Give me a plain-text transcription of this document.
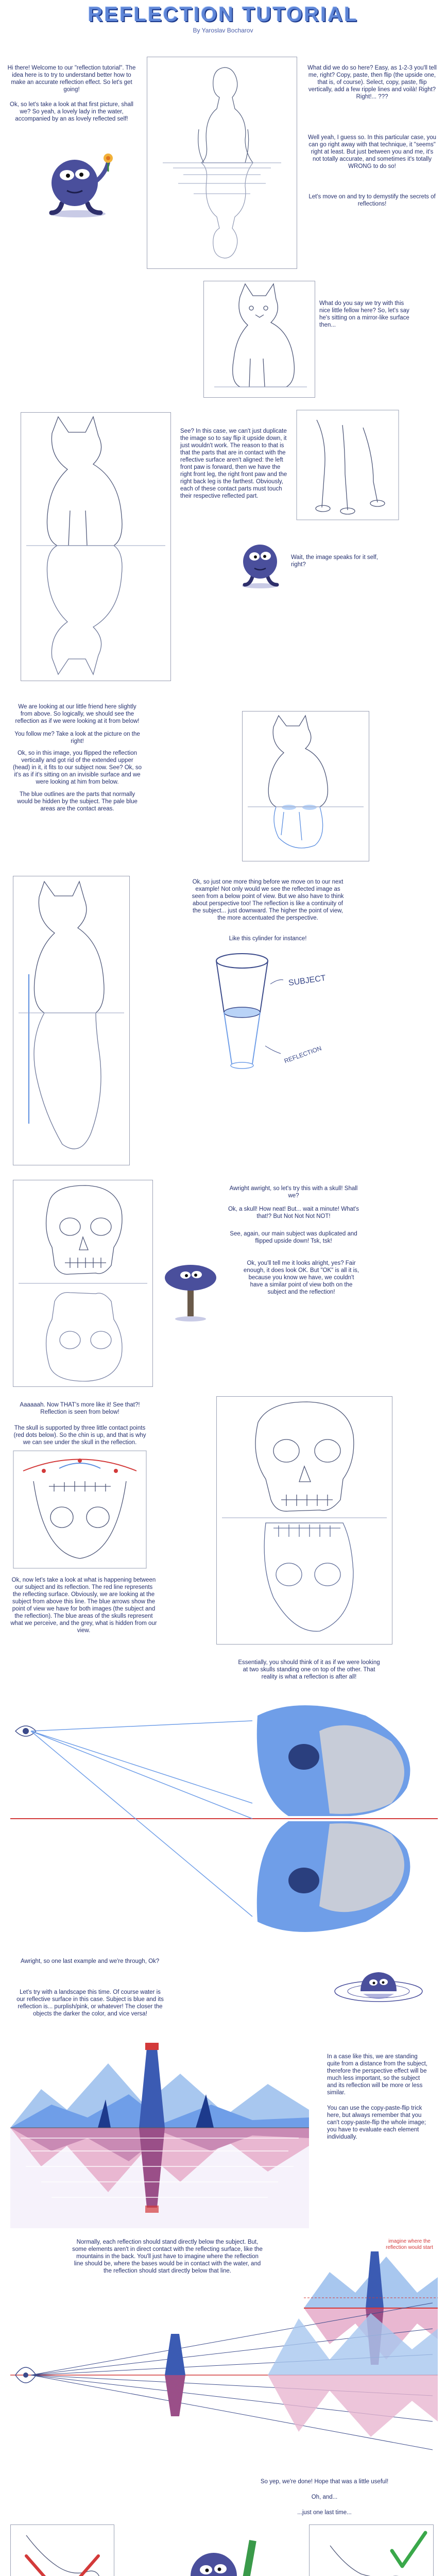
REFLECTION TUTORIAL
By Yaroslav Bocharov
Hi there! Welcome to our "reflection tutorial". The idea here is to try to understand better how to make an accurate reflection effect. So let's get going!
Ok, so let's take a look at that first picture, shall we? So yeah, a lovely lady in the water, accompanied by an as lovely reflected self!
What did we do so here? Easy, as 1-2-3 you'll tell me, right? Copy, paste, then flip (the upside one, that is, of course). Select, copy, paste, flip vertically, add a few ripple lines and voilà! Right? Right!... ???
Well yeah, I guess so. In this particular case, you can go right away with that technique, it "seems" right at least. But just between you and me, it's not totally accurate, and sometimes it's totally WRONG to do so!
Let's move on and try to demystify the secrets of reflections!
What do you say we try with this nice little fellow here? So, let's say he's sitting on a mirror-like surface then...
See? In this case, we can't just duplicate the image so to say flip it upside down, it just wouldn't work. The reason to that is that the parts that are in contact with the reflective surface aren't aligned: the left front paw is forward, then we have the right front leg, the right front paw and the right back leg is the farthest. Obviously, each of these contact parts must touch their respective reflected part.
Wait, the image speaks for it self, right?
We are looking at our little friend here slightly from above. So logically, we should see the reflection as if we were looking at it from below!
You follow me? Take a look at the picture on the right!
Ok, so in this image, you flipped the reflection vertically and got rid of the extended upper (head) in it, it fits to our subject now. See? Ok, so it's as if it's sitting on an invisible surface and we were looking at him from below.
The blue outlines are the parts that normally would be hidden by the subject. The pale blue areas are the contact areas.
Ok, so just one more thing before we move on to our next example! Not only would we see the reflected image as seen from a below point of view. But we also have to think about perspective too! The reflection is like a continuity of the subject... just downward. The higher the point of view, the more accentuated the perspective.
Like this cylinder for instance!
SUBJECT
REFLECTION
Awright awright, so let's try this with a skull! Shall we?
Ok, a skull! How neat! But... wait a minute! What's that!? But Not Not Not NOT!
See, again, our main subject was duplicated and flipped upside down! Tsk, tsk!
Ok, you'll tell me it looks alright, yes? Fair enough, it does look OK. But "OK" is all it is, because you know we have, we couldn't have a similar point of view both on the subject and the reflection!
Aaaaaah. Now THAT's more like it! See that?! Reflection is seen from below!
The skull is supported by three little contact points (red dots below). So the chin is up, and that is why we can see under the skull in the reflection.
Ok, now let's take a look at what is happening between our subject and its reflection. The red line represents the reflecting surface. Obviously, we are looking at the subject from above this line. The blue arrows show the point of view we have for both images (the subject and the reflection). The blue areas of the skulls represent what we perceive, and the grey, what is hidden from our view.
Essentially, you should think of it as if we were looking at two skulls standing one on top of the other. That reality is what a reflection is after all!
Awright, so one last example and we're through, Ok?
Let's try with a landscape this time. Of course water is our reflective surface in this case. Subject is blue and its reflection is... purplish/pink, or whatever! The closer the objects the darker the color, and vice versa!
In a case like this, we are standing quite from a distance from the subject, therefore the perspective effect will be much less important, so the subject and its reflection will be more or less similar.
You can use the copy-paste-flip trick here, but always remember that you can't copy-paste-flip the whole image; you have to evaluate each element individually.
Normally, each reflection should stand directly below the subject. But, some elements aren't in direct contact with the reflecting surface, like the mountains in the back. You'll just have to imagine where the reflection line should be, where the bases would be in contact with the water, and the reflection should start directly below that line.
imagine where the reflection would start
So yep, we're done! Hope that was a little useful!
Oh, and...
...just one last time...
